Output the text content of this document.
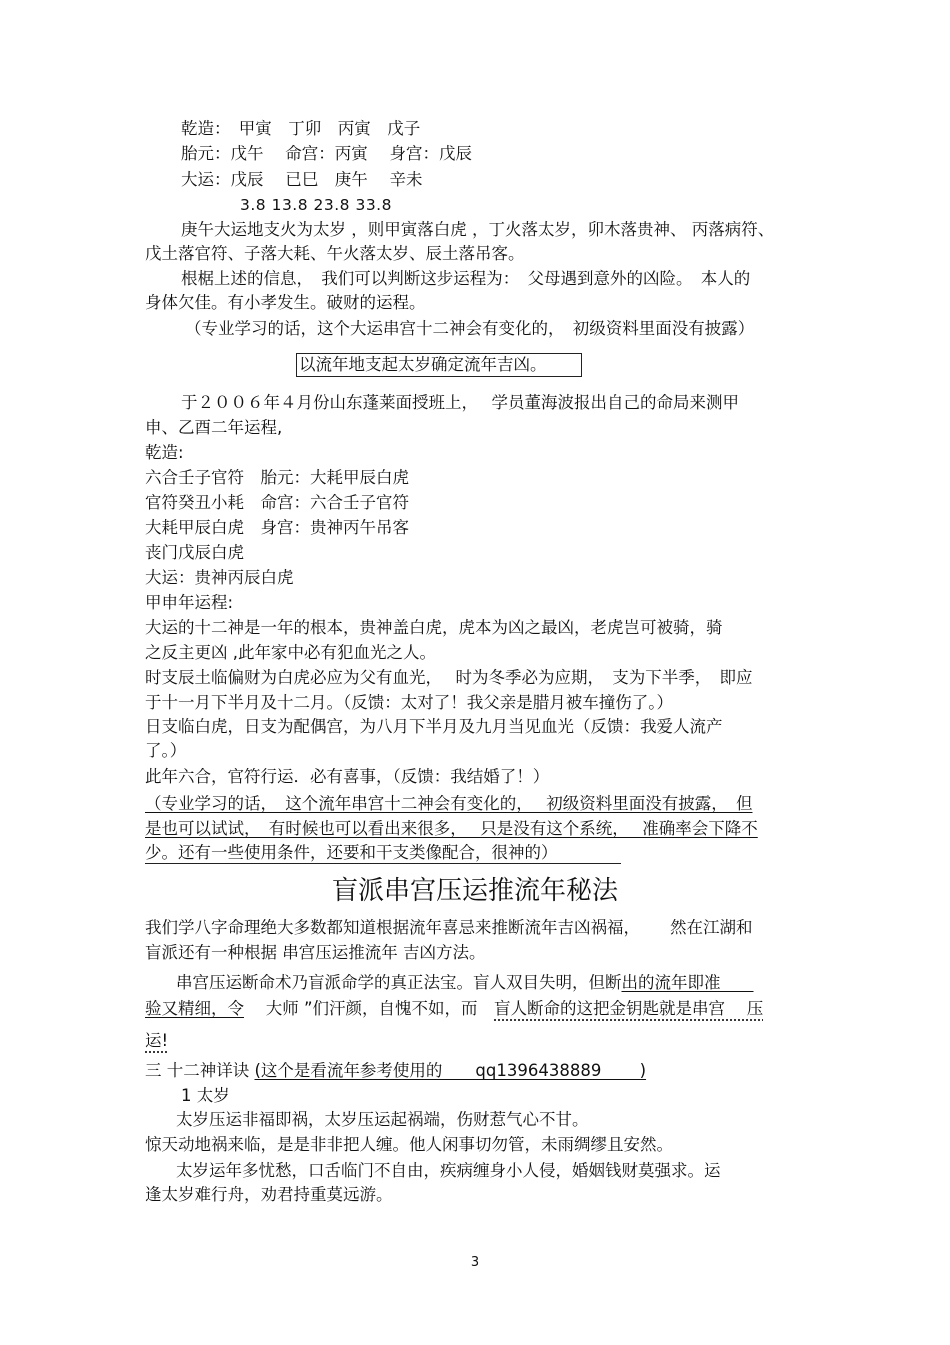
乾造：　甲寅　丁卯　丙寅　戊子
胎元：戊午　 命宫：丙寅　 身宫：戊辰
大运：戊辰　 已巳　庚午　 辛未
3.8 13.8 23.8 33.8
庚午大运地支火为太岁 ，则甲寅落白虎 ，丁火落太岁，卯木落贵神、 丙落病符、
戊土落官符、子落大耗、午火落太岁、辰土落吊客。
根椐上述的信息，　我们可以判断这步运程为：　父母遇到意外的凶险。　本人的
身体欠佳。有小孝发生。破财的运程。
（专业学习的话，这个大运串宫十二神会有变化的，　初级资料里面没有披露）
以流年地支起太岁确定流年吉凶。
于２００６年４月份山东蓬莱面授班上，　 学员董海波报出自己的命局来测甲
申、乙酉二年运程,
乾造:
六合壬子官符　胎元：大耗甲辰白虎
官符癸丑小耗　命宫：六合壬子官符
大耗甲辰白虎　身宫：贵神丙午吊客
丧门戊辰白虎
大运：贵神丙辰白虎
甲申年运程:
大运的十二神是一年的根本，贵神盖白虎，虎本为凶之最凶，老虎岂可被骑，骑
之反主更凶 ,此年家中必有犯血光之人。
时支辰土临偏财为白虎必应为父有血光，　 时为冬季必为应期，　支为下半季，　即应
于十一月下半月及十二月。（反馈：太对了！我父亲是腊月被车撞伤了。）
日支临白虎，日支为配偶宫，为八月下半月及九月当见血光（反馈：我爱人流产
了。）
此年六合，官符行运．必有喜事，（反馈：我结婚了！）
（专业学习的话，　这个流年串宫十二神会有变化的，　 初级资料里面没有披露，　但
是也可以试试，　有时候也可以看出来很多，　 只是没有这个系统，　 准确率会下降不
少。还有一些使用条件，还要和干支类像配合，很神的）
盲派串宫压运推流年秘法
我们学八字命理绝大多数都知道根据流年喜忌来推断流年吉凶祸福，　　 然在江湖和
盲派还有一种根据 串宫压运推流年 吉凶方法。
串宫压运断命术乃盲派命学的真正法宝。盲人双目失明，但断出的流年即准　　
验又精细，令　 大师 ”们汗颜，自愧不如，而　盲人断命的这把金钥匙就是串宫　 压
运!
三 十二神详诀 (这个是看流年参考使用的　　qq1396438889　　 )
1 太岁
太岁压运非福即祸，太岁压运起祸端，伤财惹气心不甘。
惊天动地祸来临，是是非非把人缠。他人闲事切勿管，未雨绸缪且安然。
太岁运年多忧愁，口舌临门不自由，疾病缠身小人侵，婚姻钱财莫强求。运
逢太岁难行舟，劝君持重莫远游。
3
